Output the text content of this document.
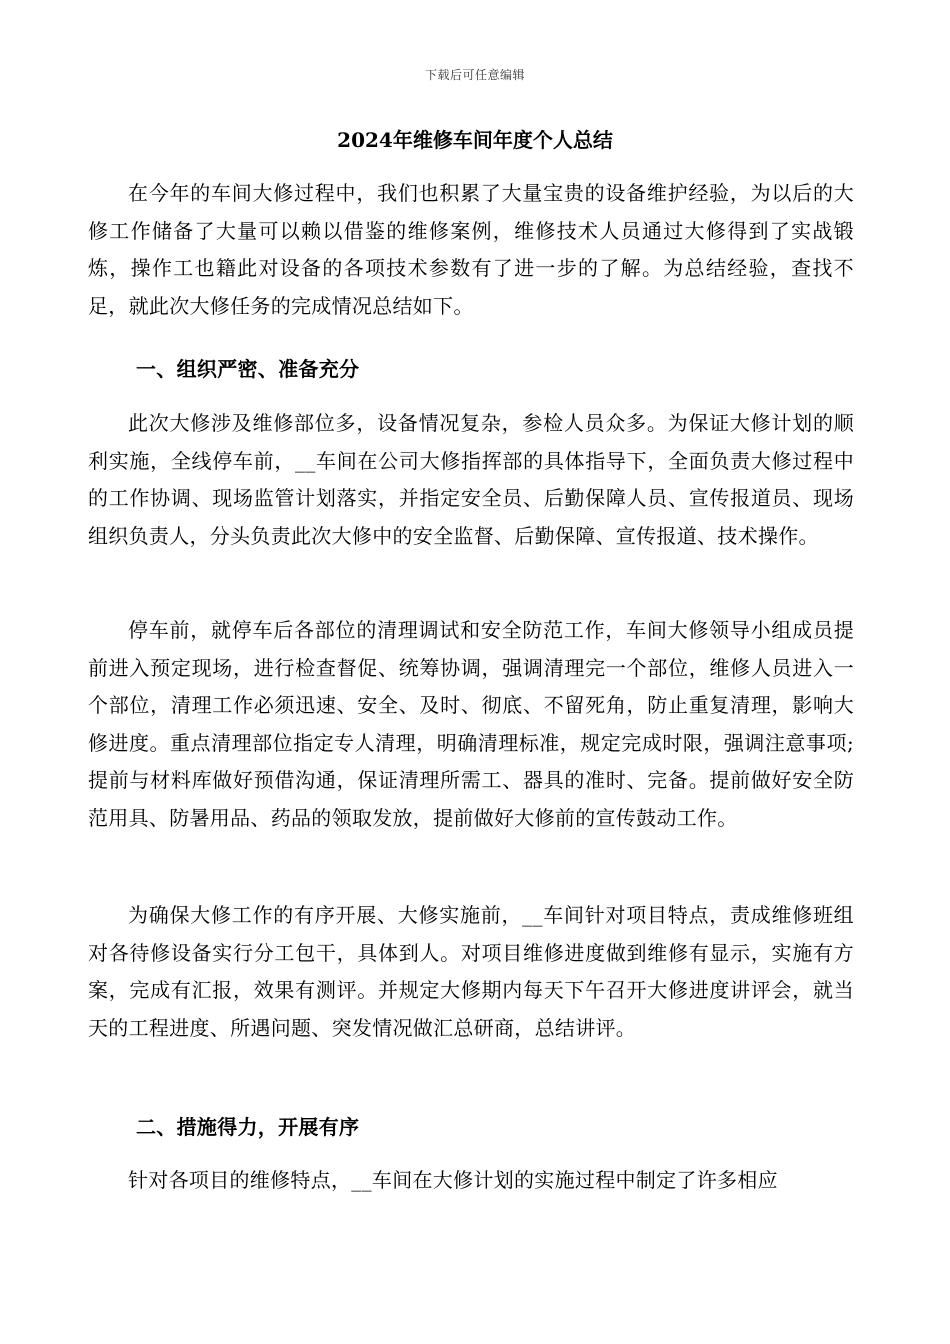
下载后可任意编辑
2024年维修车间年度个人总结

在今年的车间大修过程中，我们也积累了大量宝贵的设备维护经验，为以后的大修工作储备了大量可以赖以借鉴的维修案例，维修技术人员通过大修得到了实战锻炼，操作工也籍此对设备的各项技术参数有了进一步的了解。为总结经验，查找不足，就此次大修任务的完成情况总结如下。

一、组织严密、准备充分

此次大修涉及维修部位多，设备情况复杂，参检人员众多。为保证大修计划的顺利实施，全线停车前，__车间在公司大修指挥部的具体指导下，全面负责大修过程中的工作协调、现场监管计划落实，并指定安全员、后勤保障人员、宣传报道员、现场组织负责人，分头负责此次大修中的安全监督、后勤保障、宣传报道、技术操作。

停车前，就停车后各部位的清理调试和安全防范工作，车间大修领导小组成员提前进入预定现场，进行检查督促、统筹协调，强调清理完一个部位，维修人员进入一个部位，清理工作必须迅速、安全、及时、彻底、不留死角，防止重复清理，影响大修进度。重点清理部位指定专人清理，明确清理标准，规定完成时限，强调注意事项;提前与材料库做好预借沟通，保证清理所需工、器具的准时、完备。提前做好安全防范用具、防暑用品、药品的领取发放，提前做好大修前的宣传鼓动工作。

为确保大修工作的有序开展、大修实施前，__车间针对项目特点，责成维修班组对各待修设备实行分工包干，具体到人。对项目维修进度做到维修有显示，实施有方案，完成有汇报，效果有测评。并规定大修期内每天下午召开大修进度讲评会，就当天的工程进度、所遇问题、突发情况做汇总研商，总结讲评。

二、措施得力，开展有序

针对各项目的维修特点，__车间在大修计划的实施过程中制定了许多相应
